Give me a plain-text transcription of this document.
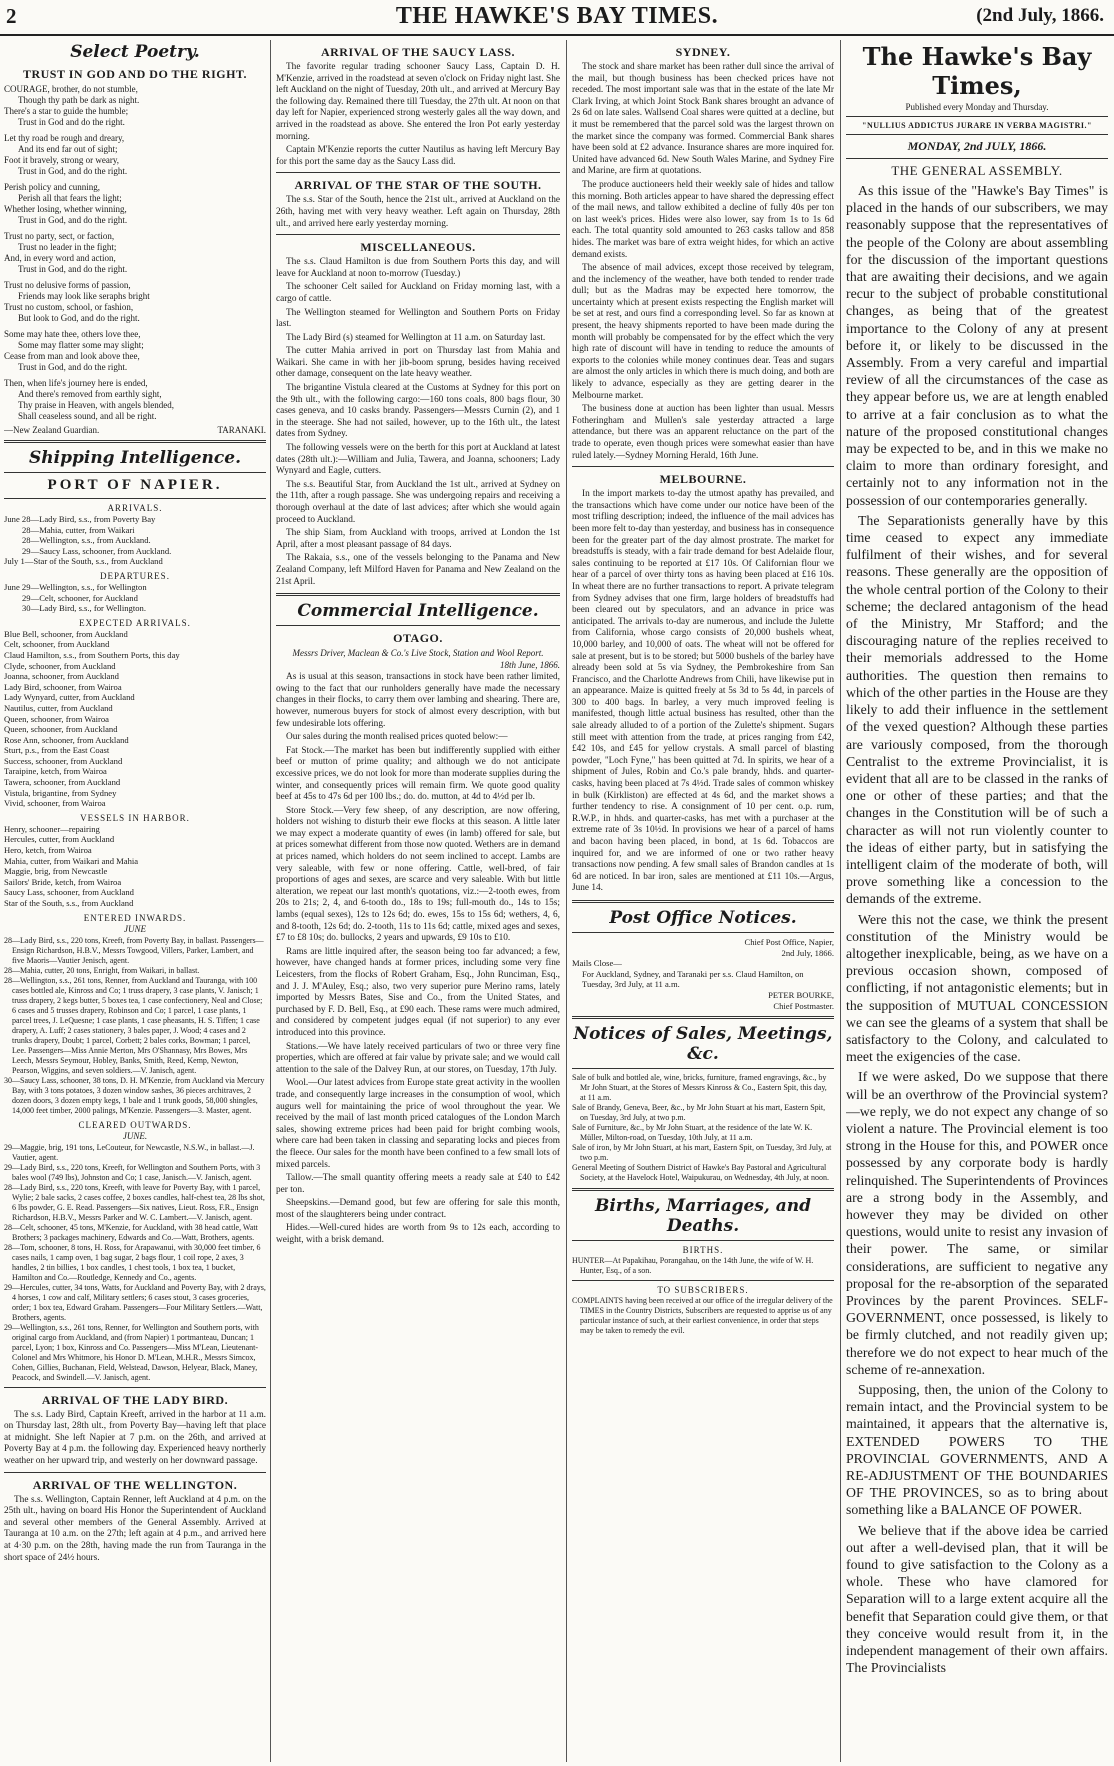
2	THE HAWKE'S BAY TIMES.	(2nd July, 1866.
Select Poetry.
TRUST IN GOD AND DO THE RIGHT.

COURAGE, brother, do not stumble,

Though thy path be dark as night.

There's a star to guide the humble;

Trust in God and do the right.

Let thy road be rough and dreary,

And its end far out of sight;

Foot it bravely, strong or weary,

Trust in God, and do the right.

Perish policy and cunning,

Perish all that fears the light;

Whether losing, whether winning,

Trust in God, and do the right.

Trust no party, sect, or faction,

Trust no leader in the fight;

And, in every word and action,

Trust in God, and do the right.

Trust no delusive forms of passion,

Friends may look like seraphs bright

Trust no custom, school, or fashion,

But look to God, and do the right.

Some may hate thee, others love thee,

Some may flatter some may slight;

Cease from man and look above thee,

Trust in God, and do the right.

Then, when life's journey here is ended,

And there's removed from earthly sight,

Thy praise in Heaven, with angels blended,

Shall ceaseless sound, and all be right.

—New Zealand Guardian.	TARANAKI.
Shipping Intelligence.
PORT OF NAPIER.
ARRIVALS.

June 28—Lady Bird, s.s., from Poverty Bay

28—Mahia, cutter, from Waikari

28—Wellington, s.s., from Auckland.

29—Saucy Lass, schooner, from Auckland.

July 1—Star of the South, s.s., from Auckland

DEPARTURES.

June 29—Wellington, s.s., for Wellington

29—Celt, schooner, for Auckland

30—Lady Bird, s.s., for Wellington.

EXPECTED ARRIVALS.

Blue Bell, schooner, from Auckland

Celt, schooner, from Auckland

Claud Hamilton, s.s., from Southern Ports, this day

Clyde, schooner, from Auckland

Joanna, schooner, from Auckland

Lady Bird, schooner, from Wairoa

Lady Wynyard, cutter, from Auckland

Nautilus, cutter, from Auckland

Queen, schooner, from Wairoa

Queen, schooner, from Auckland

Rose Ann, schooner, from Auckland

Sturt, p.s., from the East Coast

Success, schooner, from Auckland

Taraipine, ketch, from Wairoa

Tawera, schooner, from Auckland

Vistula, brigantine, from Sydney

Vivid, schooner, from Wairoa

VESSELS IN HARBOR.

Henry, schooner—repairing

Hercules, cutter, from Auckland

Hero, ketch, from Wairoa

Mahia, cutter, from Waikari and Mahia

Maggie, brig, from Newcastle

Sailors' Bride, ketch, from Wairoa

Saucy Lass, schooner, from Auckland

Star of the South, s.s., from Auckland

ENTERED INWARDS.
JUNE

28—Lady Bird, s.s., 220 tons, Kreeft, from Poverty Bay, in ballast. Passengers—Ensign Richardson, H.B.V., Messrs Towgood, Villers, Parker, Lambert, and five Maoris—Vautier Jenisch, agent.

28—Mahia, cutter, 20 tons, Enright, from Waikari, in ballast.

28—Wellington, s.s., 261 tons, Renner, from Auckland and Tauranga, with 100 cases bottled ale, Kinross and Co; 1 truss drapery, 3 case plants, V. Janisch; 1 truss drapery, 2 kegs butter, 5 boxes tea, 1 case confectionery, Neal and Close; 6 cases and 5 trusses drapery, Robinson and Co; 1 parcel, 1 case plants, 1 parcel trees, J. LeQuesne; 1 case plants, 1 case pheasants, H. S. Tiffen; 1 case drapery, A. Luff; 2 cases stationery, 3 bales paper, J. Wood; 4 cases and 2 trunks drapery, Doubt; 1 parcel, Corbett; 2 bales corks, Bowman; 1 parcel, Lee. Passengers—Miss Annie Merton, Mrs O'Shannasy, Mrs Bowes, Mrs Leech, Messrs Seymour, Hobley, Banks, Smith, Reed, Kemp, Newton, Pearson, Wiggins, and seven soldiers.—V. Janisch, agent.

30—Saucy Lass, schooner, 38 tons, D. H. M'Kenzie, from Auckland via Mercury Bay, with 3 tons potatoes, 3 dozen window sashes, 36 pieces architraves, 2 dozen doors, 3 dozen empty kegs, 1 bale and 1 trunk goods, 58,000 shingles, 14,000 feet timber, 2000 palings, M'Kenzie. Passengers—3. Master, agent.

CLEARED OUTWARDS.
JUNE.

29—Maggie, brig, 191 tons, LeCouteur, for Newcastle, N.S.W., in ballast.—J. Vautier, agent.

29—Lady Bird, s.s., 220 tons, Kreeft, for Wellington and Southern Ports, with 3 bales wool (749 lbs), Johnston and Co; 1 case, Janisch.—V. Janisch, agent.

28—Lady Bird, s.s., 220 tons, Kreeft, with leave for Poverty Bay, with 1 parcel, Wylie; 2 bale sacks, 2 cases coffee, 2 boxes candles, half-chest tea, 28 lbs shot, 6 lbs powder, G. E. Read. Passengers—Six natives, Lieut. Ross, F.R., Ensign Richardson, H.B.V., Messrs Parker and W. C. Lambert.—V. Janisch, agent.

28—Celt, schooner, 45 tons, M'Kenzie, for Auckland, with 38 head cattle, Watt Brothers; 3 packages machinery, Edwards and Co.—Watt, Brothers, agents.

28—Tom, schooner, 8 tons, H. Ross, for Arapawanui, with 30,000 feet timber, 6 cases nails, 1 camp oven, 1 bag sugar, 2 bags flour, 1 coil rope, 2 axes, 3 handles, 2 tin billies, 1 box candles, 1 chest tools, 1 box tea, 1 bucket, Hamilton and Co.—Routledge, Kennedy and Co., agents.

29—Hercules, cutter, 34 tons, Watts, for Auckland and Poverty Bay, with 2 drays, 4 horses, 1 cow and calf, Military settlers; 6 cases stout, 3 cases groceries, order; 1 box tea, Edward Graham. Passengers—Four Military Settlers.—Watt, Brothers, agents.

29—Wellington, s.s., 261 tons, Renner, for Wellington and Southern ports, with original cargo from Auckland, and (from Napier) 1 portmanteau, Duncan; 1 parcel, Lyon; 1 box, Kinross and Co. Passengers—Miss M'Lean, Lieutenant-Colonel and Mrs Whitmore, his Honor D. M'Lean, M.H.R., Messrs Simcox, Cohen, Gillies, Buchanan, Field, Welstead, Dawson, Helyear, Black, Maney, Peacock, and Swindell.—V. Janisch, agent.

ARRIVAL OF THE LADY BIRD.

The s.s. Lady Bird, Captain Kreeft, arrived in the harbor at 11 a.m. on Thursday last, 28th ult., from Poverty Bay—having left that place at midnight. She left Napier at 7 p.m. on the 26th, and arrived at Poverty Bay at 4 p.m. the following day. Experienced heavy northerly weather on her upward trip, and westerly on her downward passage.

ARRIVAL OF THE WELLINGTON.

The s.s. Wellington, Captain Renner, left Auckland at 4 p.m. on the 25th ult., having on board His Honor the Superintendent of Auckland and several other members of the General Assembly. Arrived at Tauranga at 10 a.m. on the 27th; left again at 4 p.m., and arrived here at 4·30 p.m. on the 28th, having made the run from Tauranga in the short space of 24½ hours.

ARRIVAL OF THE SAUCY LASS.

The favorite regular trading schooner Saucy Lass, Captain D. H. M'Kenzie, arrived in the roadstead at seven o'clock on Friday night last. She left Auckland on the night of Tuesday, 20th ult., and arrived at Mercury Bay the following day. Remained there till Tuesday, the 27th ult. At noon on that day left for Napier, experienced strong westerly gales all the way down, and arrived in the roadstead as above. She entered the Iron Pot early yesterday morning.

Captain M'Kenzie reports the cutter Nautilus as having left Mercury Bay for this port the same day as the Saucy Lass did.

ARRIVAL OF THE STAR OF THE SOUTH.

The s.s. Star of the South, hence the 21st ult., arrived at Auckland on the 26th, having met with very heavy weather. Left again on Thursday, 28th ult., and arrived here early yesterday morning.

MISCELLANEOUS.

The s.s. Claud Hamilton is due from Southern Ports this day, and will leave for Auckland at noon to-morrow (Tuesday.)

The schooner Celt sailed for Auckland on Friday morning last, with a cargo of cattle.

The Wellington steamed for Wellington and Southern Ports on Friday last.

The Lady Bird (s) steamed for Wellington at 11 a.m. on Saturday last.

The cutter Mahia arrived in port on Thursday last from Mahia and Waikari. She came in with her jib-boom sprung, besides having received other damage, consequent on the late heavy weather.

The brigantine Vistula cleared at the Customs at Sydney for this port on the 9th ult., with the following cargo:—160 tons coals, 800 bags flour, 30 cases geneva, and 10 casks brandy. Passengers—Messrs Curnin (2), and 1 in the steerage. She had not sailed, however, up to the 16th ult., the latest dates from Sydney.

The following vessels were on the berth for this port at Auckland at latest dates (28th ult.):—William and Julia, Tawera, and Joanna, schooners; Lady Wynyard and Eagle, cutters.

The s.s. Beautiful Star, from Auckland the 1st ult., arrived at Sydney on the 11th, after a rough passage. She was undergoing repairs and receiving a thorough overhaul at the date of last advices; after which she would again proceed to Auckland.

The ship Siam, from Auckland with troops, arrived at London the 1st April, after a most pleasant passage of 84 days.

The Rakaia, s.s., one of the vessels belonging to the Panama and New Zealand Company, left Milford Haven for Panama and New Zealand on the 21st April.

Commercial Intelligence.
OTAGO.
Messrs Driver, Maclean & Co.'s Live Stock, Station and Wool Report.
18th June, 1866.

As is usual at this season, transactions in stock have been rather limited, owing to the fact that our runholders generally have made the necessary changes in their flocks, to carry them over lambing and shearing. There are, however, numerous buyers for stock of almost every description, with but few undesirable lots offering.

Our sales during the month realised prices quoted below:—

Fat Stock.—The market has been but indifferently supplied with either beef or mutton of prime quality; and although we do not anticipate excessive prices, we do not look for more than moderate supplies during the winter, and consequently prices will remain firm. We quote good quality beef at 45s to 47s 6d per 100 lbs.; do. do. mutton, at 4d to 4½d per lb.

Store Stock.—Very few sheep, of any description, are now offering, holders not wishing to disturb their ewe flocks at this season. A little later we may expect a moderate quantity of ewes (in lamb) offered for sale, but at prices somewhat different from those now quoted. Wethers are in demand at prices named, which holders do not seem inclined to accept. Lambs are very saleable, with few or none offering. Cattle, well-bred, of fair proportions of ages and sexes, are scarce and very saleable. With but little alteration, we repeat our last month's quotations, viz.:—2-tooth ewes, from 20s to 21s; 2, 4, and 6-tooth do., 18s to 19s; full-mouth do., 14s to 15s; lambs (equal sexes), 12s to 12s 6d; do. ewes, 15s to 15s 6d; wethers, 4, 6, and 8-tooth, 12s 6d; do. 2-tooth, 11s to 11s 6d; cattle, mixed ages and sexes, £7 to £8 10s; do. bullocks, 2 years and upwards, £9 10s to £10.

Rams are little inquired after, the season being too far advanced; a few, however, have changed hands at former prices, including some very fine Leicesters, from the flocks of Robert Graham, Esq., John Runciman, Esq., and J. J. M'Auley, Esq.; also, two very superior pure Merino rams, lately imported by Messrs Bates, Sise and Co., from the United States, and purchased by F. D. Bell, Esq., at £90 each. These rams were much admired, and considered by competent judges equal (if not superior) to any ever introduced into this province.

Stations.—We have lately received particulars of two or three very fine properties, which are offered at fair value by private sale; and we would call attention to the sale of the Dalvey Run, at our stores, on Tuesday, 17th July.

Wool.—Our latest advices from Europe state great activity in the woollen trade, and consequently large increases in the consumption of wool, which augurs well for maintaining the price of wool throughout the year. We received by the mail of last month priced catalogues of the London March sales, showing extreme prices had been paid for bright combing wools, where care had been taken in classing and separating locks and pieces from the fleece. Our sales for the month have been confined to a few small lots of mixed parcels.

Tallow.—The small quantity offering meets a ready sale at £40 to £42 per ton.

Sheepskins.—Demand good, but few are offering for sale this month, most of the slaughterers being under contract.

Hides.—Well-cured hides are worth from 9s to 12s each, according to weight, with a brisk demand.

SYDNEY.

The stock and share market has been rather dull since the arrival of the mail, but though business has been checked prices have not receded. The most important sale was that in the estate of the late Mr Clark Irving, at which Joint Stock Bank shares brought an advance of 2s 6d on late sales. Wallsend Coal shares were quitted at a decline, but it must be remembered that the parcel sold was the largest thrown on the market since the company was formed. Commercial Bank shares have been sold at £2 advance. Insurance shares are more inquired for. United have advanced 6d. New South Wales Marine, and Sydney Fire and Marine, are firm at quotations.

The produce auctioneers held their weekly sale of hides and tallow this morning. Both articles appear to have shared the depressing effect of the mail news, and tallow exhibited a decline of fully 40s per ton on last week's prices. Hides were also lower, say from 1s to 1s 6d each. The total quantity sold amounted to 263 casks tallow and 858 hides. The market was bare of extra weight hides, for which an active demand exists.

The absence of mail advices, except those received by telegram, and the inclemency of the weather, have both tended to render trade dull; but as the Madras may be expected here tomorrow, the uncertainty which at present exists respecting the English market will be set at rest, and ours find a corresponding level. So far as known at present, the heavy shipments reported to have been made during the month will probably be compensated for by the effect which the very high rate of discount will have in tending to reduce the amounts of exports to the colonies while money continues dear. Teas and sugars are almost the only articles in which there is much doing, and both are likely to advance, especially as they are getting dearer in the Melbourne market.

The business done at auction has been lighter than usual. Messrs Fotheringham and Mullen's sale yesterday attracted a large attendance, but there was an apparent reluctance on the part of the trade to operate, even though prices were somewhat easier than have ruled lately.—Sydney Morning Herald, 16th June.

MELBOURNE.

In the import markets to-day the utmost apathy has prevailed, and the transactions which have come under our notice have been of the most trifling description; indeed, the influence of the mail advices has been more felt to-day than yesterday, and business has in consequence been for the greater part of the day almost prostrate. The market for breadstuffs is steady, with a fair trade demand for best Adelaide flour, sales continuing to be reported at £17 10s. Of Californian flour we hear of a parcel of over thirty tons as having been placed at £16 10s. In wheat there are no further transactions to report. A private telegram from Sydney advises that one firm, large holders of breadstuffs had been cleared out by speculators, and an advance in price was anticipated. The arrivals to-day are numerous, and include the Julette from California, whose cargo consists of 20,000 bushels wheat, 10,000 barley, and 10,000 of oats. The wheat will not be offered for sale at present, but is to be stored; but 5000 bushels of the barley have already been sold at 5s via Sydney, the Pembrokeshire from San Francisco, and the Charlotte Andrews from Chili, have likewise put in an appearance. Maize is quitted freely at 5s 3d to 5s 4d, in parcels of 300 to 400 bags. In barley, a very much improved feeling is manifested, though little actual business has resulted, other than the sale already alluded to of a portion of the Zulette's shipment. Sugars still meet with attention from the trade, at prices ranging from £42, £42 10s, and £45 for yellow crystals. A small parcel of blasting powder, "Loch Fyne," has been quitted at 7d. In spirits, we hear of a shipment of Jules, Robin and Co.'s pale brandy, hhds. and quarter-casks, having been placed at 7s 4½d. Trade sales of common whiskey in bulk (Kirkliston) are effected at 4s 6d, and the market shows a further tendency to rise. A consignment of 10 per cent. o.p. rum, R.W.P., in hhds. and quarter-casks, has met with a purchaser at the extreme rate of 3s 10½d. In provisions we hear of a parcel of hams and bacon having been placed, in bond, at 1s 6d. Tobaccos are inquired for, and we are informed of one or two rather heavy transactions now pending. A few small sales of Brandon candles at 1s 6d are noticed. In bar iron, sales are mentioned at £11 10s.—Argus, June 14.

Post Office Notices.

Chief Post Office, Napier,

2nd July, 1866.

Mails Close—

For Auckland, Sydney, and Taranaki per s.s. Claud Hamilton, on Tuesday, 3rd July, at 11 a.m.

PETER BOURKE,

Chief Postmaster.

Notices of Sales, Meetings, &c.

Sale of bulk and bottled ale, wine, bricks, furniture, framed engravings, &c., by Mr John Stuart, at the Stores of Messrs Kinross & Co., Eastern Spit, this day, at 11 a.m.

Sale of Brandy, Geneva, Beer, &c., by Mr John Stuart at his mart, Eastern Spit, on Tuesday, 3rd July, at two p.m.

Sale of Furniture, &c., by Mr John Stuart, at the residence of the late W. K. Müller, Milton-road, on Tuesday, 10th July, at 11 a.m.

Sale of iron, by Mr John Stuart, at his mart, Eastern Spit, on Tuesday, 3rd July, at two p.m.

General Meeting of Southern District of Hawke's Bay Pastoral and Agricultural Society, at the Havelock Hotel, Waipukurau, on Wednesday, 4th July, at noon.

Births, Marriages, and Deaths.
BIRTHS.

HUNTER—At Papakihau, Porangahau, on the 14th June, the wife of W. H. Hunter, Esq., of a son.

TO SUBSCRIBERS.

COMPLAINTS having been received at our office of the irregular delivery of the TIMES in the Country Districts, Subscribers are requested to apprise us of any particular instance of such, at their earliest convenience, in order that steps may be taken to remedy the evil.

The Hawke's Bay Times,
Published every Monday and Thursday.
"NULLIUS ADDICTUS JURARE IN VERBA MAGISTRI."
MONDAY, 2nd JULY, 1866.
THE GENERAL ASSEMBLY.

As this issue of the "Hawke's Bay Times" is placed in the hands of our subscribers, we may reasonably suppose that the representatives of the people of the Colony are about assembling for the discussion of the important questions that are awaiting their decisions, and we again recur to the subject of probable constitutional changes, as being that of the greatest importance to the Colony of any at present before it, or likely to be discussed in the Assembly. From a very careful and impartial review of all the circumstances of the case as they appear before us, we are at length enabled to arrive at a fair conclusion as to what the nature of the proposed constitutional changes may be expected to be, and in this we make no claim to more than ordinary foresight, and certainly not to any information not in the possession of our contemporaries generally.

The Separationists generally have by this time ceased to expect any immediate fulfilment of their wishes, and for several reasons. These generally are the opposition of the whole central portion of the Colony to their scheme; the declared antagonism of the head of the Ministry, Mr Stafford; and the discouraging nature of the replies received to their memorials addressed to the Home authorities. The question then remains to which of the other parties in the House are they likely to add their influence in the settlement of the vexed question? Although these parties are variously composed, from the thorough Centralist to the extreme Provincialist, it is evident that all are to be classed in the ranks of one or other of these parties; and that the changes in the Constitution will be of such a character as will not run violently counter to the ideas of either party, but in satisfying the intelligent claim of the moderate of both, will prove something like a concession to the demands of the extreme.

Were this not the case, we think the present constitution of the Ministry would be altogether inexplicable, being, as we have on a previous occasion shown, composed of conflicting, if not antagonistic elements; but in the supposition of MUTUAL CONCESSION we can see the gleams of a system that shall be satisfactory to the Colony, and calculated to meet the exigencies of the case.

If we were asked, Do we suppose that there will be an overthrow of the Provincial system?—we reply, we do not expect any change of so violent a nature. The Provincial element is too strong in the House for this, and POWER once possessed by any corporate body is hardly relinquished. The Superintendents of Provinces are a strong body in the Assembly, and however they may be divided on other questions, would unite to resist any invasion of their power. The same, or similar considerations, are sufficient to negative any proposal for the re-absorption of the separated Provinces by the parent Provinces. SELF-GOVERNMENT, once possessed, is likely to be firmly clutched, and not readily given up; therefore we do not expect to hear much of the scheme of re-annexation.

Supposing, then, the union of the Colony to remain intact, and the Provincial system to be maintained, it appears that the alternative is, EXTENDED POWERS TO THE PROVINCIAL GOVERNMENTS, AND A RE-ADJUSTMENT OF THE BOUNDARIES OF THE PROVINCES, so as to bring about something like a BALANCE OF POWER.

We believe that if the above idea be carried out after a well-devised plan, that it will be found to give satisfaction to the Colony as a whole. These who have clamored for Separation will to a large extent acquire all the benefit that Separation could give them, or that they conceive would result from it, in the independent management of their own affairs. The Provincialists
